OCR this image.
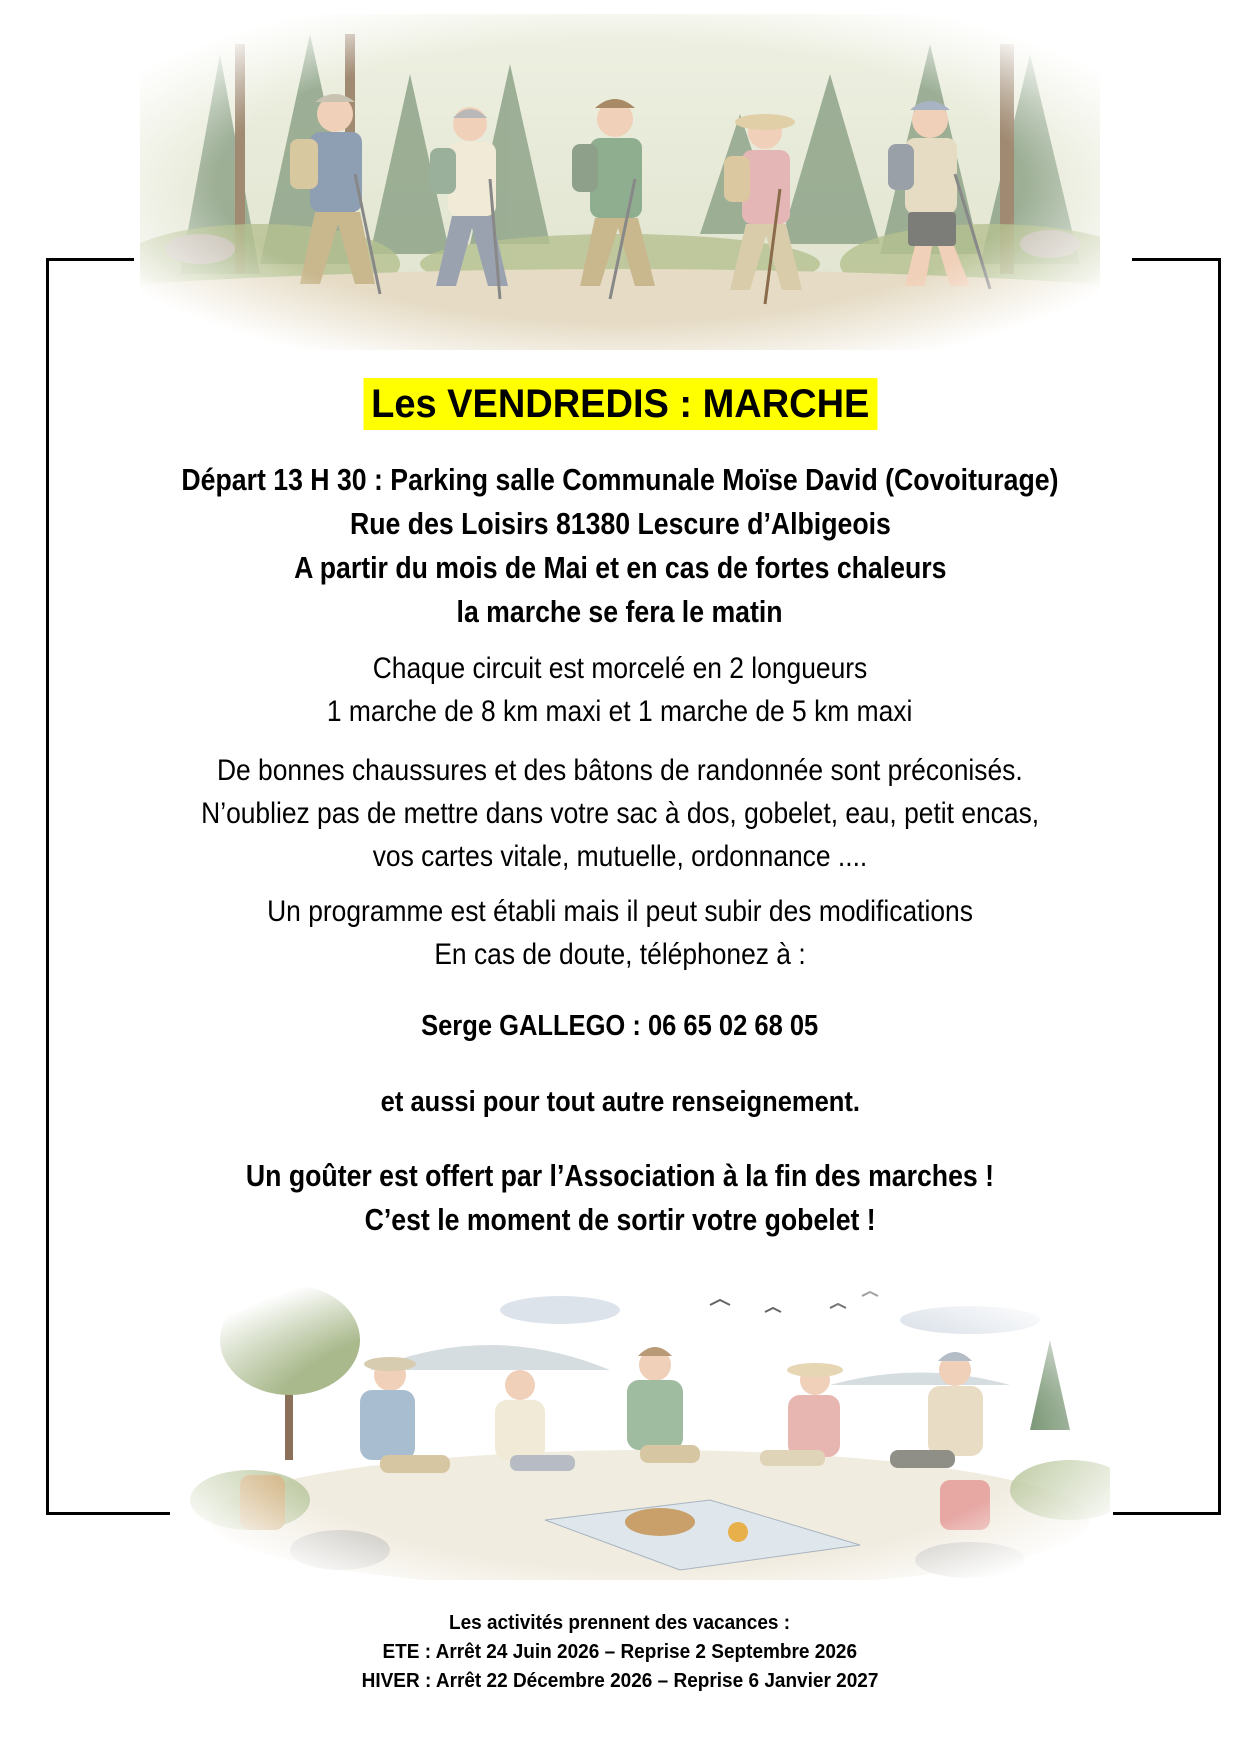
Les VENDREDIS : MARCHE
Départ 13 H 30 : Parking salle Communale Moïse David (Covoiturage)
Rue des Loisirs 81380 Lescure d’Albigeois
A partir du mois de Mai et en cas de fortes chaleurs
la marche se fera le matin
Chaque circuit est morcelé en 2 longueurs
1 marche de 8 km maxi et 1 marche de 5 km maxi
De bonnes chaussures et des bâtons de randonnée sont préconisés.
N’oubliez pas de mettre dans votre sac à dos, gobelet, eau, petit encas,
vos cartes vitale, mutuelle, ordonnance ....
Un programme est établi mais il peut subir des modifications
En cas de doute, téléphonez à :
Serge GALLEGO : 06 65 02 68 05
et aussi pour tout autre renseignement.
Un goûter est offert par l’Association à la fin des marches !
C’est le moment de sortir votre gobelet !
Les activités prennent des vacances :
ETE : Arrêt 24 Juin 2026 – Reprise 2 Septembre 2026
HIVER : Arrêt 22 Décembre 2026 – Reprise 6 Janvier 2027
